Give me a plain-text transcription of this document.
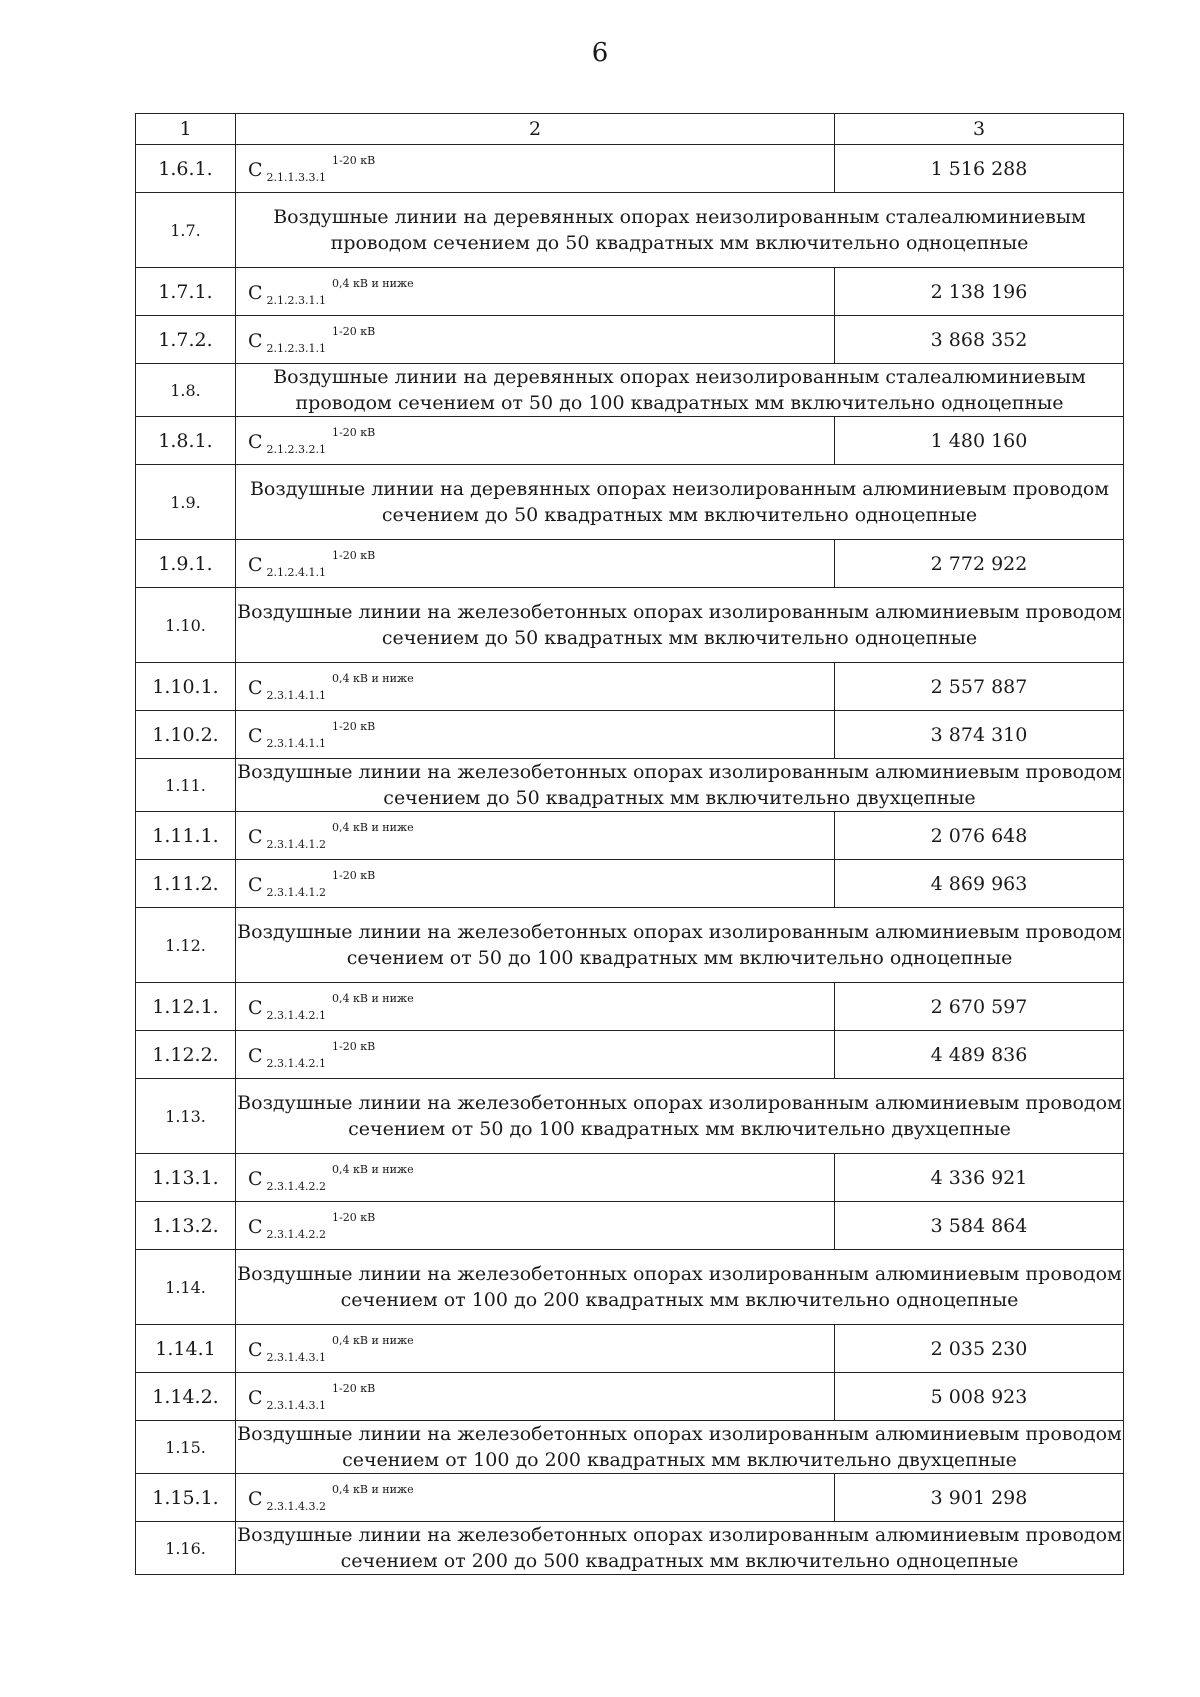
6
1	2	3
1.6.1.	С $_{2.1.1.3.3.1}^{1-20 кВ}$	1 516 288
1.7.	Воздушные линии на деревянных опорах неизолированным сталеалюминиевым проводом сечением до 50 квадратных мм включительно одноцепные	
1.7.1.	С $_{2.1.2.3.1.1}^{0,4 кВ и ниже}$	2 138 196
1.7.2.	С $_{2.1.2.3.1.1}^{1-20 кВ}$	3 868 352
1.8.	Воздушные линии на деревянных опорах неизолированным сталеалюминиевым проводом сечением от 50 до 100 квадратных мм включительно одноцепные	
1.8.1.	С $_{2.1.2.3.2.1}^{1-20 кВ}$	1 480 160
1.9.	Воздушные линии на деревянных опорах неизолированным алюминиевым проводом сечением до 50 квадратных мм включительно одноцепные	
1.9.1.	С $_{2.1.2.4.1.1}^{1-20 кВ}$	2 772 922
1.10.	Воздушные линии на железобетонных опорах изолированным алюминиевым проводом сечением до 50 квадратных мм включительно одноцепные	
1.10.1.	С $_{2.3.1.4.1.1}^{0,4 кВ и ниже}$	2 557 887
1.10.2.	С $_{2.3.1.4.1.1}^{1-20 кВ}$	3 874 310
1.11.	Воздушные линии на железобетонных опорах изолированным алюминиевым проводом сечением до 50 квадратных мм включительно двухцепные	
1.11.1.	С $_{2.3.1.4.1.2}^{0,4 кВ и ниже}$	2 076 648
1.11.2.	С $_{2.3.1.4.1.2}^{1-20 кВ}$	4 869 963
1.12.	Воздушные линии на железобетонных опорах изолированным алюминиевым проводом сечением от 50 до 100 квадратных мм включительно одноцепные	
1.12.1.	С $_{2.3.1.4.2.1}^{0,4 кВ и ниже}$	2 670 597
1.12.2.	С $_{2.3.1.4.2.1}^{1-20 кВ}$	4 489 836
1.13.	Воздушные линии на железобетонных опорах изолированным алюминиевым проводом сечением от 50 до 100 квадратных мм включительно двухцепные	
1.13.1.	С $_{2.3.1.4.2.2}^{0,4 кВ и ниже}$	4 336 921
1.13.2.	С $_{2.3.1.4.2.2}^{1-20 кВ}$	3 584 864
1.14.	Воздушные линии на железобетонных опорах изолированным алюминиевым проводом сечением от 100 до 200 квадратных мм включительно одноцепные	
1.14.1	С $_{2.3.1.4.3.1}^{0,4 кВ и ниже}$	2 035 230
1.14.2.	С $_{2.3.1.4.3.1}^{1-20 кВ}$	5 008 923
1.15.	Воздушные линии на железобетонных опорах изолированным алюминиевым проводом сечением от 100 до 200 квадратных мм включительно двухцепные	
1.15.1.	С $_{2.3.1.4.3.2}^{0,4 кВ и ниже}$	3 901 298
1.16.	Воздушные линии на железобетонных опорах изолированным алюминиевым проводом сечением от 200 до 500 квадратных мм включительно одноцепные	
